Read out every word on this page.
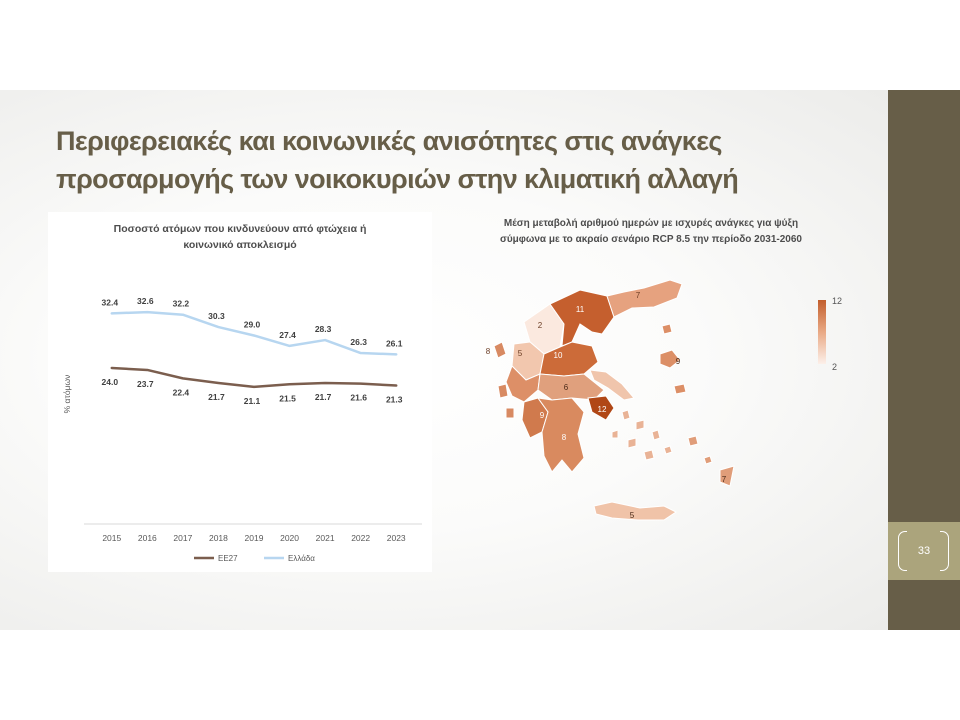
33
Περιφερειακές και κοινωνικές ανισότητες στις ανάγκες
προσαρμογής των νοικοκυριών στην κλιματική αλλαγή
Ποσοστό ατόμων που κινδυνεύουν από φτώχεια ή
κοινωνικό αποκλεισμό
2015 2016 2017 2018 2019 2020 2021 2022 2023
% ατόμων	24.0 23.7
22.4 21.7 21.1 21.5 21.7 21.6 21.3
32.4 32.6 32.2
30.3
29.0
27.4
28.3
26.3 26.1
ΕΕ27	Ελλάδα
Μέση μεταβολή αριθμού ημερών με ισχυρές ανάγκες για ψύξη
σύμφωνα με το ακραίο σενάριο RCP 8.5 την περίοδο 2031-2060
11
7
2
5	10
8
6
9
12
9
8
7
5
12
2
